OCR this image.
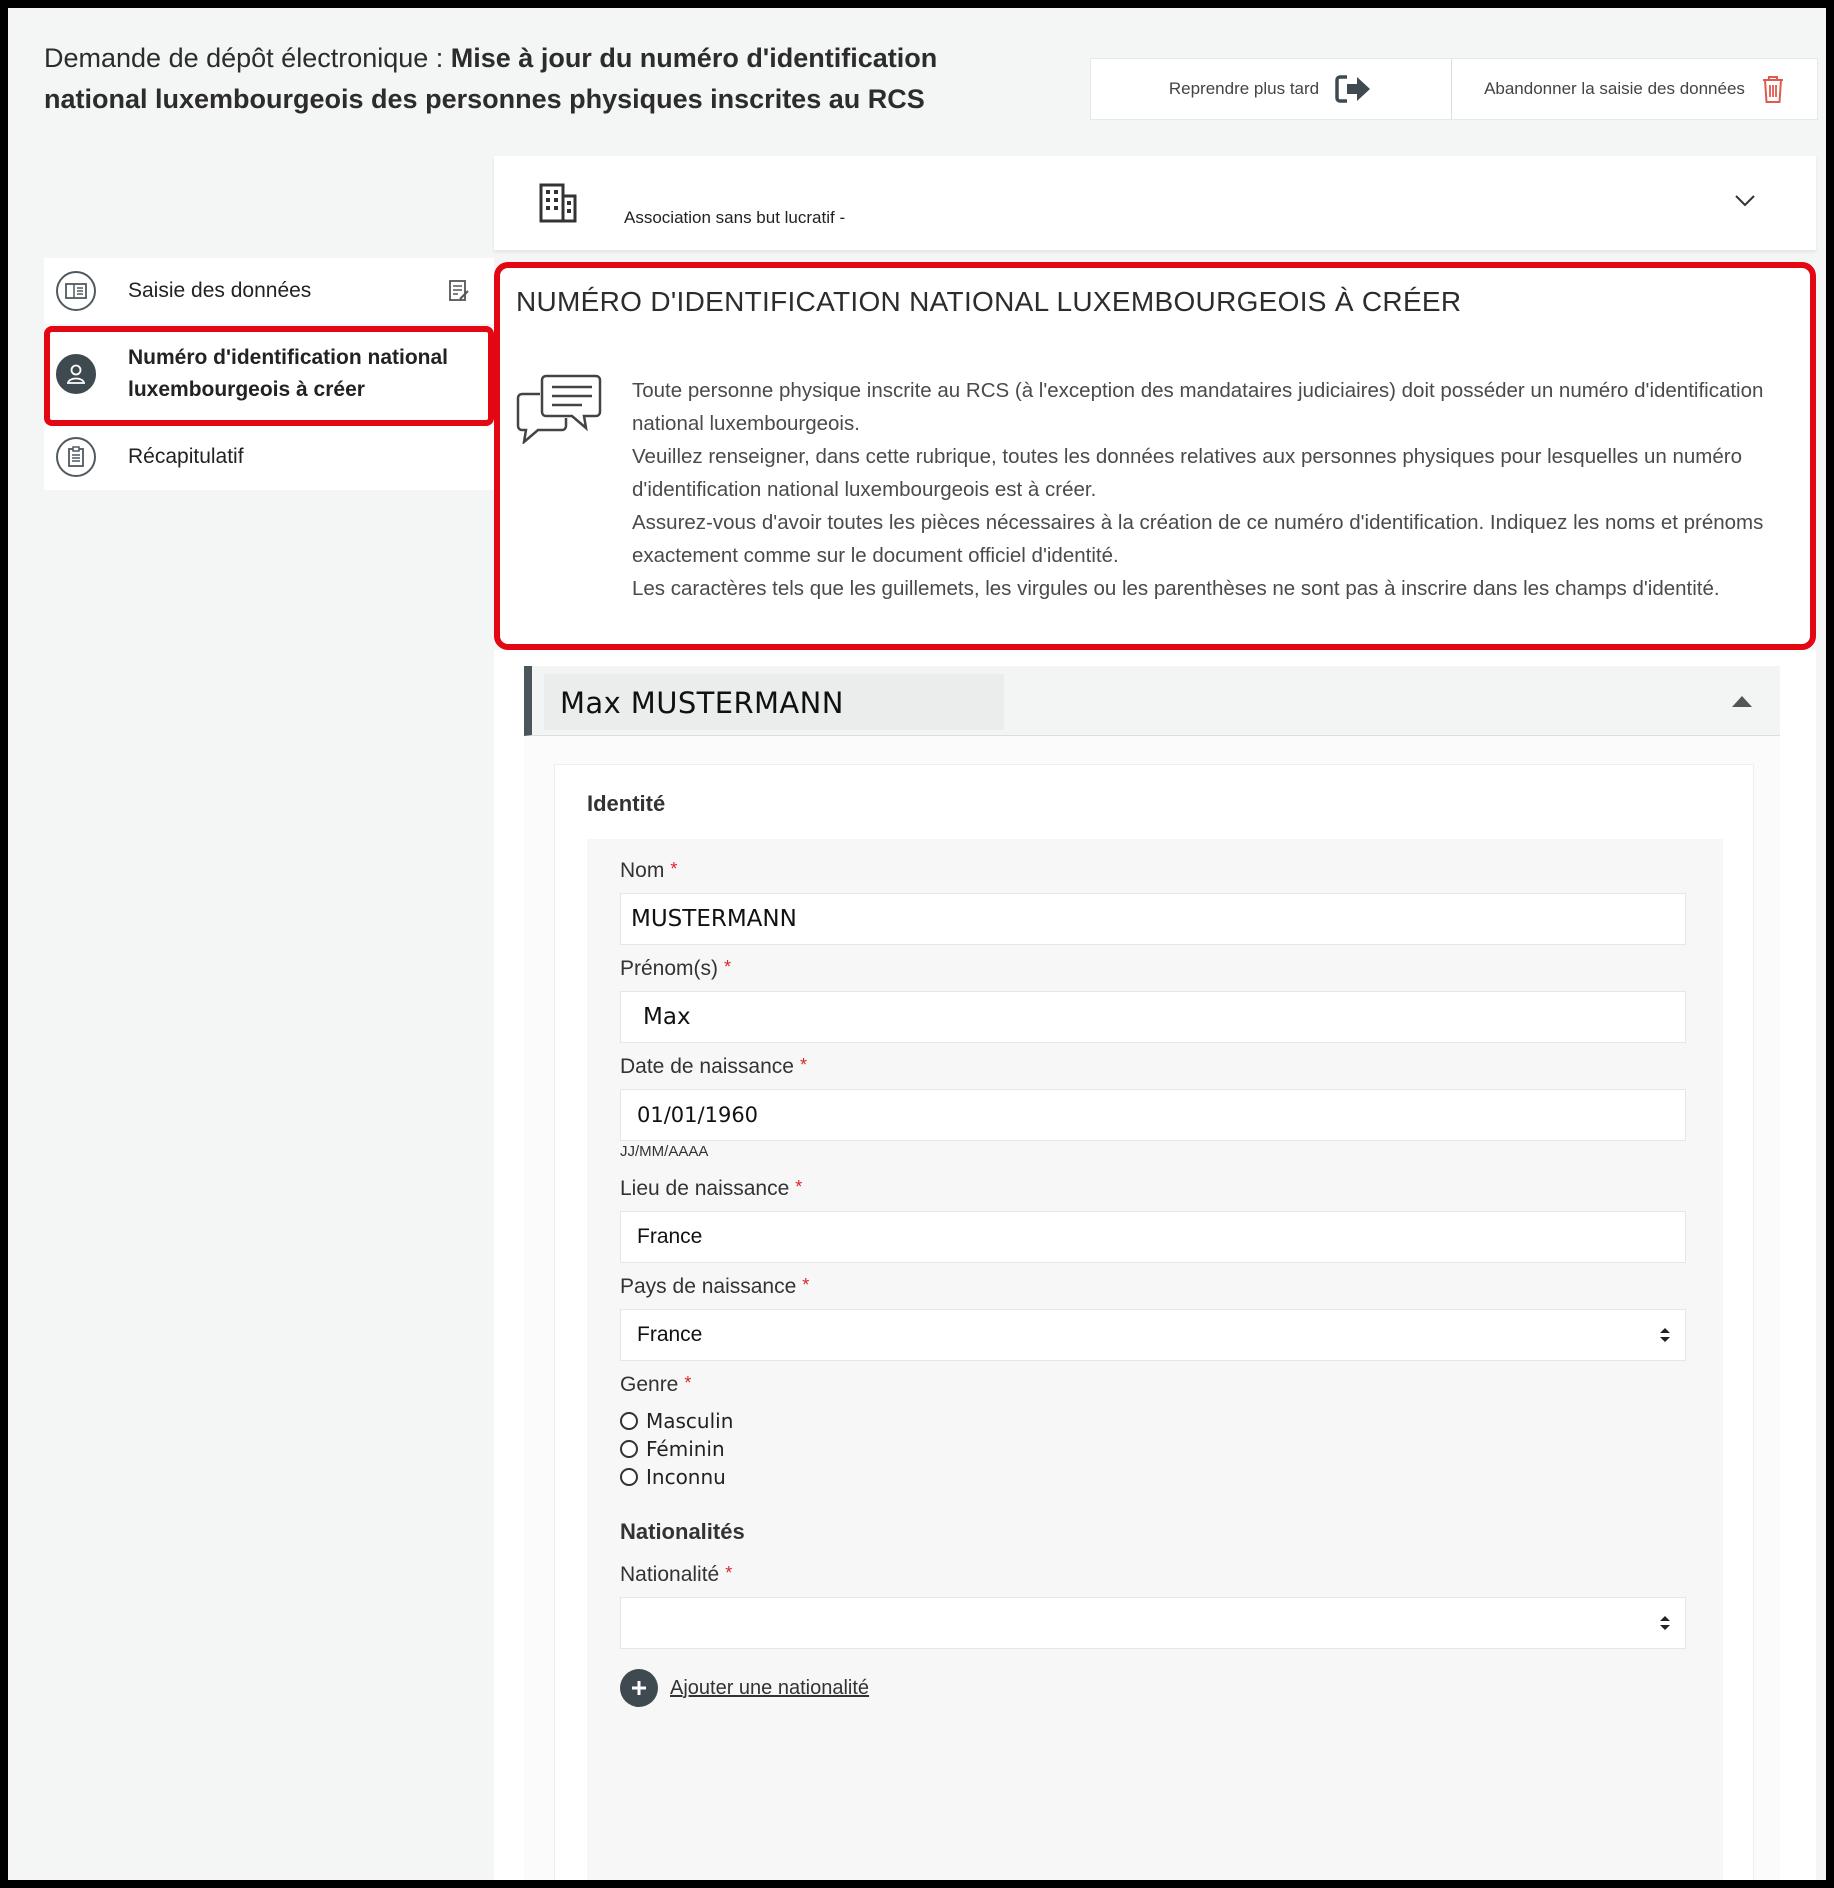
Demande de dépôt électronique : Mise à jour du numéro d'identification national luxembourgeois des personnes physiques inscrites au RCS	Reprendre plus tard	Abandonner la saisie des données
Association sans but lucratif -
Saisie des données
Numéro d'identification national luxembourgeois à créer
Récapitulatif
NUMÉRO D'IDENTIFICATION NATIONAL LUXEMBOURGEOIS À CRÉER

Toute personne physique inscrite au RCS (à l'exception des mandataires judiciaires) doit posséder un numéro d'identification national luxembourgeois.

Veuillez renseigner, dans cette rubrique, toutes les données relatives aux personnes physiques pour lesquelles un numéro d'identification national luxembourgeois est à créer.

Assurez-vous d'avoir toutes les pièces nécessaires à la création de ce numéro d'identification. Indiquez les noms et prénoms exactement comme sur le document officiel d'identité.

Les caractères tels que les guillemets, les virgules ou les parenthèses ne sont pas à inscrire dans les champs d'identité.

Max MUSTERMANN
Identité
Nom *
MUSTERMANN
Prénom(s) *
Max
Date de naissance *
01/01/1960
JJ/MM/AAAA
Lieu de naissance *
France
Pays de naissance *
France
Genre *
Masculin
Féminin
Inconnu
Nationalités
Nationalité *
Ajouter une nationalité
